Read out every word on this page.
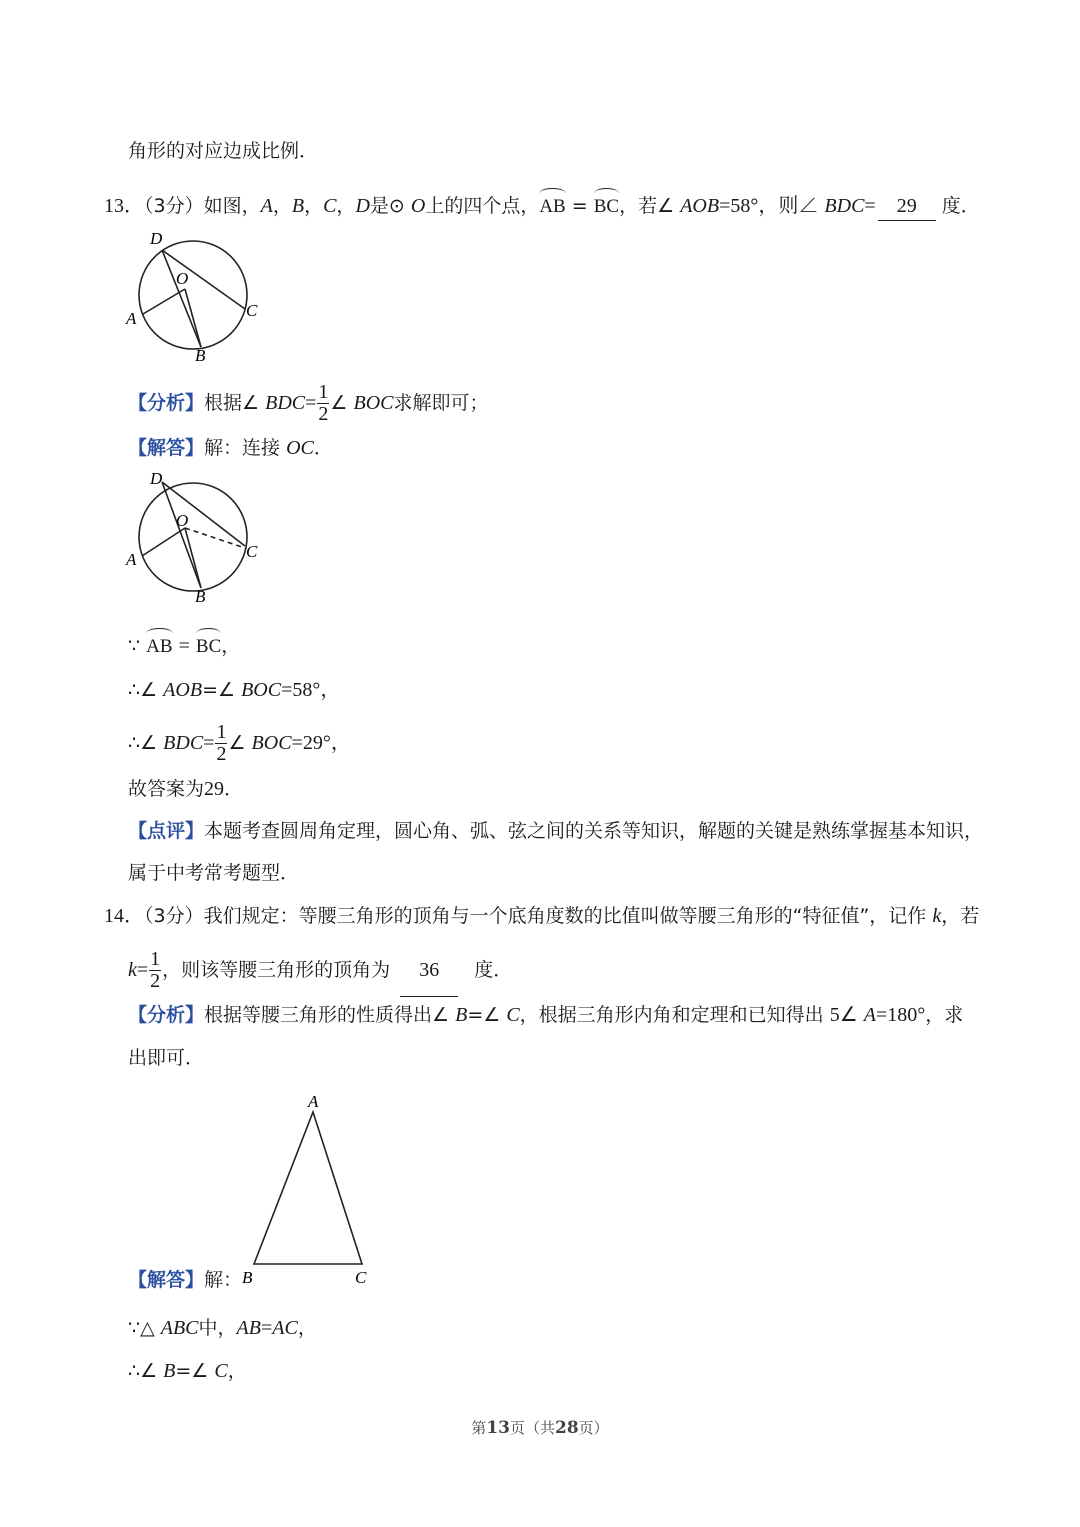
角形的对应边成比例．
13．（3分）如图，A，B，C，D是⊙ O上的四个点，AB = BC，若∠ AOB=58°，则∠ BDC= 29 度．
D
O
A	C
B
【分析】根据∠ $BDC= \frac{1}{2}$ ∠ BOC求解即可；
【解答】解：连接 OC．
D
O
A	C
B
∵ AB = BC，
∴∠ AOB=∠ BOC=58°，
∴∠ $BDC= \frac{1}{2}$ ∠ BOC=29°，
故答案为29．
【点评】本题考查圆周角定理，圆心角、弧、弦之间的关系等知识，解题的关键是熟练掌握基本知识，
属于中考常考题型．
14．（3分）我们规定：等腰三角形的顶角与一个底角度数的比值叫做等腰三角形的“特征值”，记作 k，若
$k= \frac{1}{2}$ ，则该等腰三角形的顶角为 36 度．
【分析】根据等腰三角形的性质得出∠ B=∠ C，根据三角形内角和定理和已知得出 5∠ A=180°，求
出即可．
A
B	C
【解答】解：
∵△ ABC中，AB=AC，
∴∠ B=∠ C，
第13页（共28页）
